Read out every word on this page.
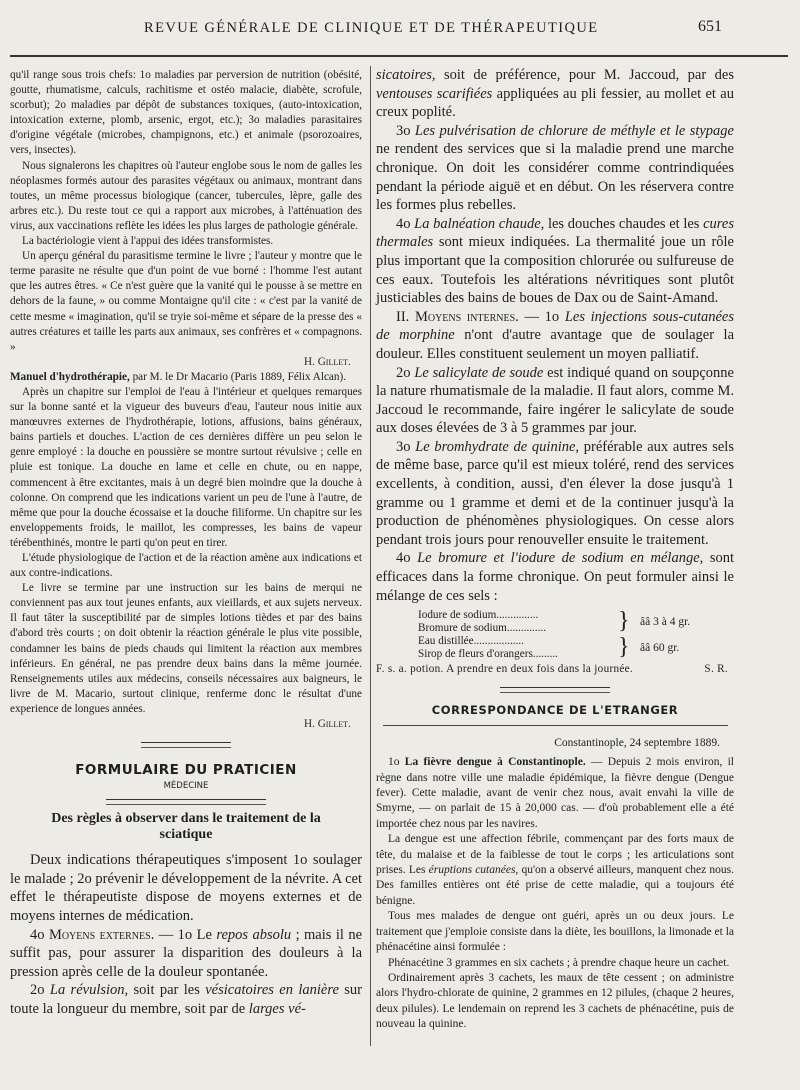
REVUE GÉNÉRALE DE CLINIQUE ET DE THÉRAPEUTIQUE	651

qu'il range sous trois chefs: 1o maladies par perversion de nutrition (obésité, goutte, rhumatisme, calculs, rachitisme et ostéo malacie, diabète, scrofule, scorbut); 2o maladies par dépôt de substances toxiques, (auto-intoxication, intoxication externe, plomb, arsenic, ergot, etc.); 3o maladies parasitaires d'origine végétale (microbes, champignons, etc.) et animale (psorozoaires, vers, insectes).

Nous signalerons les chapitres où l'auteur englobe sous le nom de galles les néoplasmes formés autour des parasites végétaux ou animaux, montrant dans toutes, un même processus biologique (cancer, tubercules, lèpre, galle des arbres etc.). Du reste tout ce qui a rapport aux microbes, à l'atténuation des virus, aux vaccinations reflète les idées les plus larges de pathologie générale.

La bactériologie vient à l'appui des idées transformistes.

Un aperçu général du parasitisme termine le livre ; l'auteur y montre que le terme parasite ne résulte que d'un point de vue borné : l'homme l'est autant que les autres êtres. « Ce n'est guère que la vanité qui le pousse à se mettre en dehors de la faune, » ou comme Montaigne qu'il cite : « c'est par la vanité de cette mesme « imagination, qu'il se tryie soi-même et sépare de la presse des « autres créatures et taille les parts aux animaux, ses confrères et « compagnons. »

H. Gillet.

Manuel d'hydrothérapie, par M. le Dr Macario (Paris 1889, Félix Alcan).

Après un chapitre sur l'emploi de l'eau à l'intérieur et quelques remarques sur la bonne santé et la vigueur des buveurs d'eau, l'auteur nous initie aux manœuvres externes de l'hydrothérapie, lotions, affusions, bains généraux, bains partiels et douches. L'action de ces dernières diffère un peu selon le genre employé : la douche en poussière se montre surtout révulsive ; celle en pluie est tonique. La douche en lame et celle en chute, ou en nappe, commencent à être excitantes, mais à un degré bien moindre que la douche à colonne. On comprend que les indications varient un peu de l'une à l'autre, de même que pour la douche écossaise et la douche filiforme. Un chapitre sur les enveloppements froids, le maillot, les compresses, les bains de vapeur térébenthinés, montre le parti qu'on peut en tirer.

L'étude physiologique de l'action et de la réaction amène aux indications et aux contre-indications.

Le livre se termine par une instruction sur les bains de merqui ne conviennent pas aux tout jeunes enfants, aux vieillards, et aux sujets nerveux. Il faut tâter la susceptibilité par de simples lotions tièdes et par des bains d'abord très courts ; on doit obtenir la réaction générale le plus vite possible, condamner les bains de pieds chauds qui limitent la réaction aux membres inférieurs. En général, ne pas prendre deux bains dans la même journée. Renseignements utiles aux médecins, conseils nécessaires aux baigneurs, le livre de M. Macario, surtout clinique, renferme donc le résultat d'une experience de longues années.

H. Gillet.

FORMULAIRE DU PRATICIEN
MÉDECINE
Des règles à observer dans le traitement de la sciatique

Deux indications thérapeutiques s'imposent 1o soulager le malade ; 2o prévenir le développement de la névrite. A cet effet le thérapeutiste dispose de moyens externes et de moyens internes de médication.

4o Moyens externes. — 1o Le repos absolu ; mais il ne suffit pas, pour assurer la disparition des douleurs à la pression après celle de la douleur spontanée.

2o La révulsion, soit par les vésicatoires en lanière sur toute la longueur du membre, soit par de larges vé-

sicatoires, soit de préférence, pour M. Jaccoud, par des ventouses scarifiées appliquées au pli fessier, au mollet et au creux poplité.

3o Les pulvérisation de chlorure de méthyle et le stypage ne rendent des services que si la maladie prend une marche chronique. On doit les considérer comme contrindiquées pendant la période aiguë et en début. On les réservera contre les formes plus rebelles.

4o La balnéation chaude, les douches chaudes et les cures thermales sont mieux indiquées. La thermalité joue un rôle plus important que la composition chlorurée ou sulfureuse de ces eaux. Toutefois les altérations névritiques sont plutôt justiciables des bains de boues de Dax ou de Saint-Amand.

II. Moyens internes. — 1o Les injections sous-cutanées de morphine n'ont d'autre avantage que de soulager la douleur. Elles constituent seulement un moyen palliatif.

2o Le salicylate de soude est indiqué quand on soupçonne la nature rhumatismale de la maladie. Il faut alors, comme M. Jaccoud le recommande, faire ingérer le salicylate de soude aux doses élevées de 3 à 5 grammes par jour.

3o Le bromhydrate de quinine, préférable aux autres sels de même base, parce qu'il est mieux toléré, rend des services excellents, à condition, aussi, d'en élever la dose jusqu'à 1 gramme ou 1 gramme et demi et de la continuer jusqu'à la production de phénomènes physiologiques. On cesse alors pendant trois jours pour renouveller ensuite le traitement.

4o Le bromure et l'iodure de sodium en mélange, sont efficaces dans la forme chronique. On peut formuler ainsi le mélange de ces sels :

Iodure de sodium...............
Bromure de sodium..............	} ââ 3 à 4 gr.
Eau distillée..................
Sirop de fleurs d'orangers.........	} ââ 60 gr.
F. s. a. potion. A prendre en deux fois dans la journée.	S. R.
CORRESPONDANCE DE L'ETRANGER
Constantinople, 24 septembre 1889.

1o La fièvre dengue à Constantinople. — Depuis 2 mois environ, il règne dans notre ville une maladie épidémique, la fièvre dengue (Dengue fever). Cette maladie, avant de venir chez nous, avait envahi la ville de Smyrne, — on parlait de 15 à 20,000 cas. — d'où probablement elle a été importée chez nous par les navires.

La dengue est une affection fébrile, commençant par des forts maux de tête, du malaise et de la faiblesse de tout le corps ; les articulations sont prises. Les éruptions cutanées, qu'on a observé ailleurs, manquent chez nous. Des familles entières ont été prise de cette maladie, qui a toujours été bénigne.

Tous mes malades de dengue ont guéri, après un ou deux jours. Le traitement que j'emploie consiste dans la diète, les bouillons, la limonade et la phénacétine ainsi formulée :

Phénacétine 3 grammes en six cachets ; à prendre chaque heure un cachet.

Ordinairement après 3 cachets, les maux de tête cessent ; on administre alors l'hydro-chlorate de quinine, 2 grammes en 12 pilules, (chaque 2 heures, deux pilules). Le lendemain on reprend les 3 cachets de phénacétine, puis de nouveau la quinine.
